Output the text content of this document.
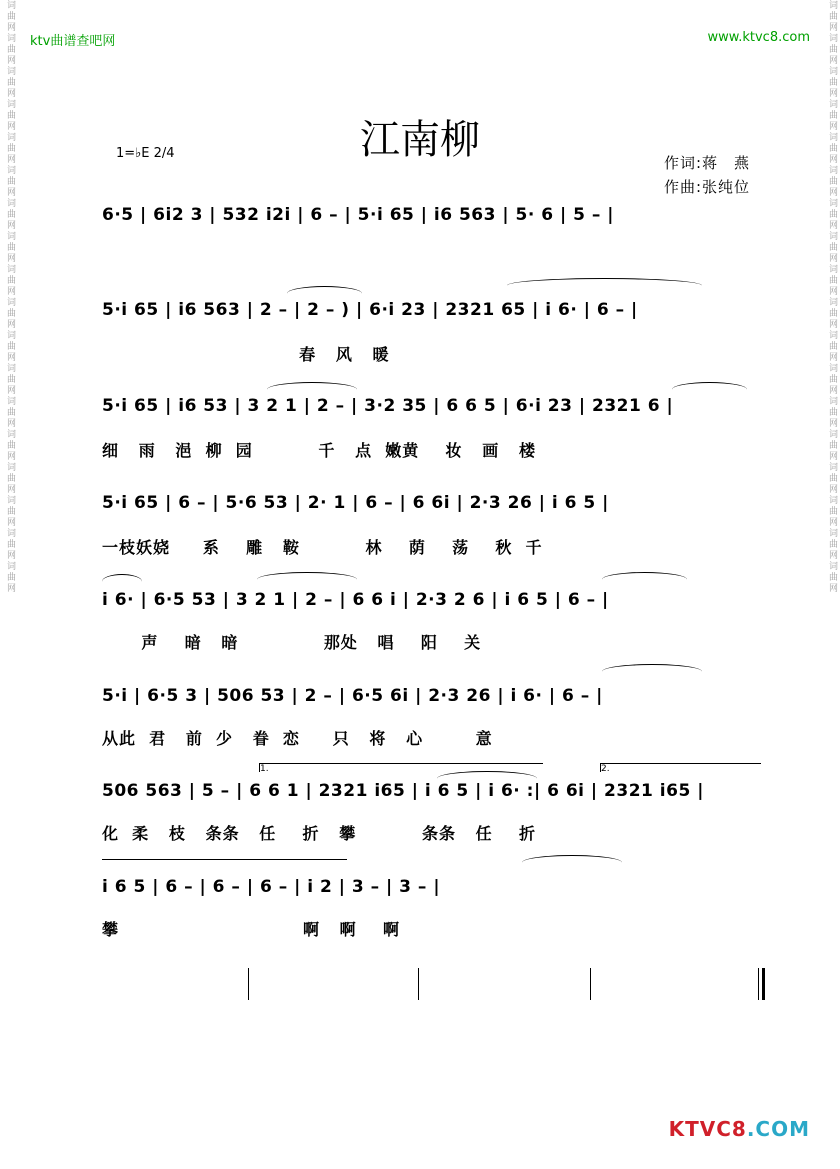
词曲网词曲网词曲网词曲网词曲网词曲网词曲网词曲网词曲网词曲网词曲网词曲网词曲网词曲网词曲网词曲网词曲网词曲网	词曲网词曲网词曲网词曲网词曲网词曲网词曲网词曲网词曲网词曲网词曲网词曲网词曲网词曲网词曲网词曲网词曲网词曲网
ktv曲谱查吧网	www.ktvc8.com
江南柳
1=♭E 2/4
作词:蒋　燕
作曲:张纯位
6·5 | 6i2 3 | 532 i2i | 6 – | 5·i 65 | i6 563 | 5· 6 | 5 – |
5·i 65 | i6 563 | 2 – | 2 – ) | 6·i 23 | 2321 65 | i 6· | 6 – |
春   风   暖
5·i 65 | i6 53 | 3 2 1 | 2 – | 3·2 35 | 6 6 5 | 6·i 23 | 2321 6 |
细   雨   浥  柳  园          千   点  嫩黄    妆   画   楼
5·i 65 | 6 – | 5·6 53 | 2· 1 | 6 – | 6 6i | 2·3 26 | i 6 5 |
一枝妖娆     系    雕   鞍          林    荫    荡    秋  千
i 6· | 6·5 53 | 3 2 1 | 2 – | 6 6 i | 2·3 2 6 | i 6 5 | 6 – |
声    暗   暗             那处   唱    阳    关
5·i | 6·5 3 | 506 53 | 2 – | 6·5 6i | 2·3 26 | i 6· | 6 – |
从此  君   前  少   眷  恋     只   将   心        意
1.	2.
506 563 | 5 – | 6 6 1 | 2321 i65 | i 6 5 | i 6· :| 6 6i | 2321 i65 |
化  柔   枝   条条   任    折   攀          条条   任    折
i 6 5 | 6 – | 6 – | 6 – | i 2 | 3 – | 3 – |
攀                            啊   啊    啊
KTVC8.COM
